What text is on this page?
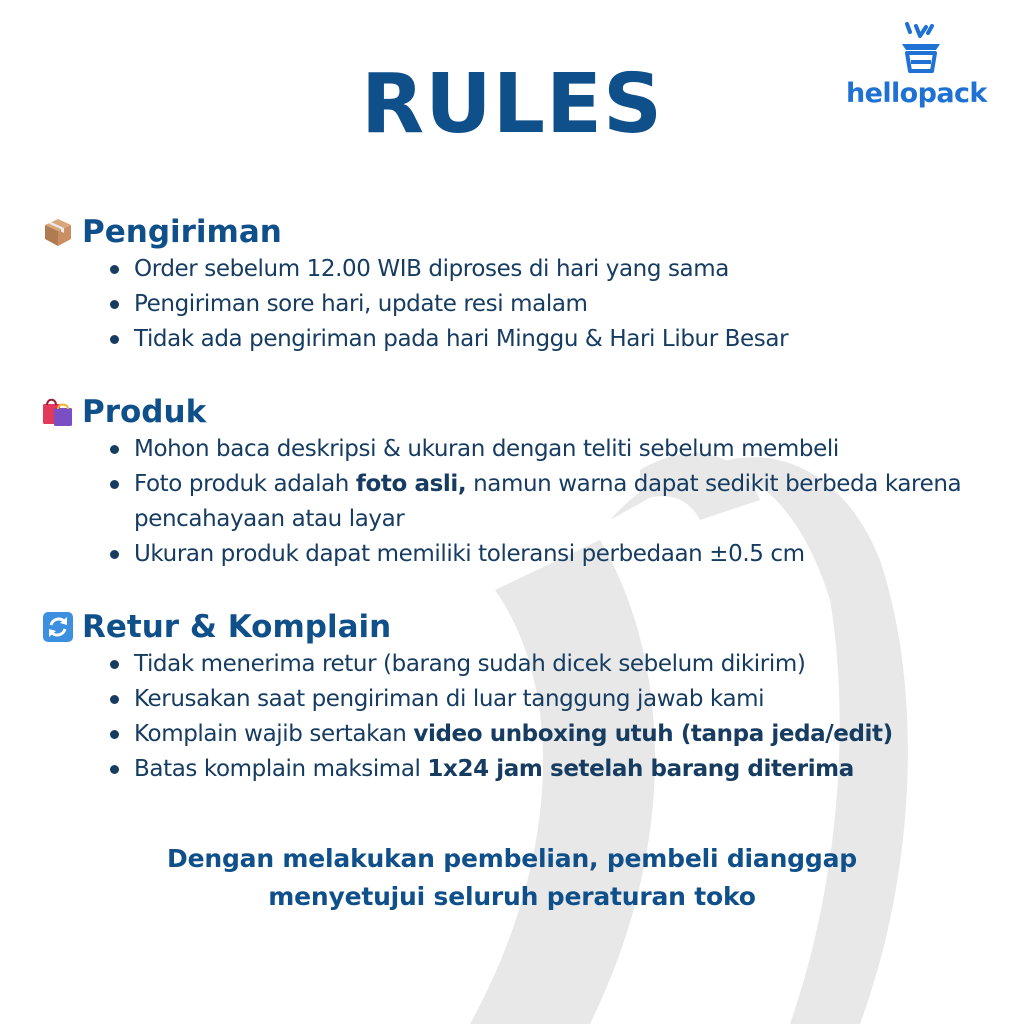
hellopack
RULES
Pengiriman
Order sebelum 12.00 WIB diproses di hari yang sama
Pengiriman sore hari, update resi malam
Tidak ada pengiriman pada hari Minggu & Hari Libur Besar
Produk
Mohon baca deskripsi & ukuran dengan teliti sebelum membeli
Foto produk adalah foto asli, namun warna dapat sedikit berbeda karena pencahayaan atau layar
Ukuran produk dapat memiliki toleransi perbedaan ±0.5 cm
Retur & Komplain
Tidak menerima retur (barang sudah dicek sebelum dikirim)
Kerusakan saat pengiriman di luar tanggung jawab kami
Komplain wajib sertakan video unboxing utuh (tanpa jeda/edit)
Batas komplain maksimal 1x24 jam setelah barang diterima
Dengan melakukan pembelian, pembeli dianggap
menyetujui seluruh peraturan toko
